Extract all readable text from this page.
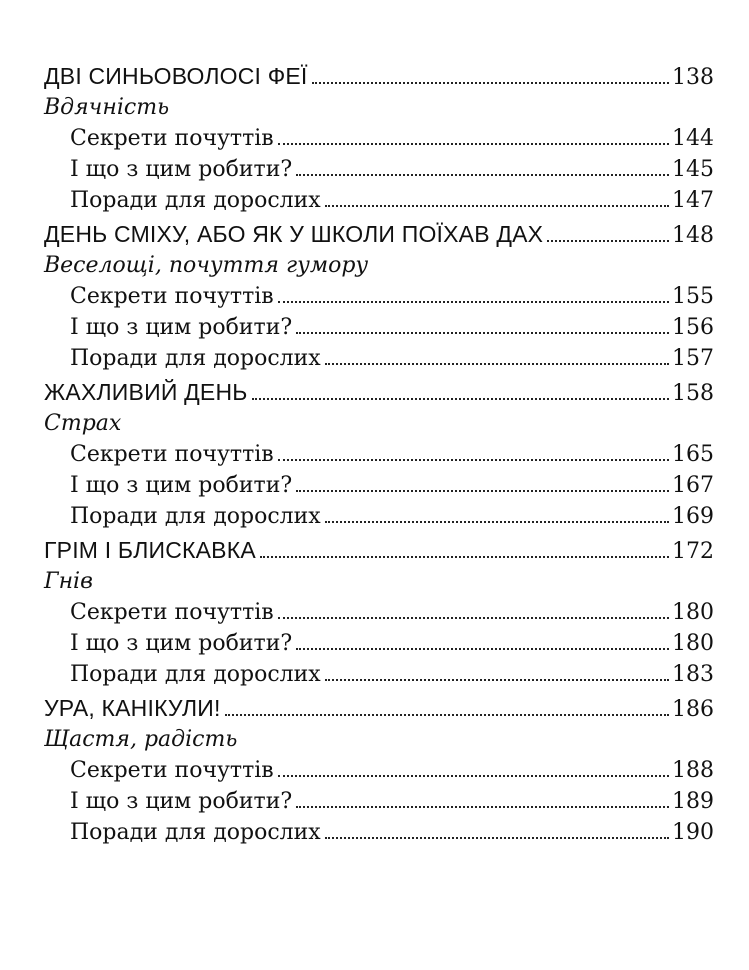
ДВІ СИНЬОВОЛОСІ ФЕЇ	138
Вдячність
Секрети почуттів	144
І що з цим робити?	145
Поради для дорослих	147
ДЕНЬ СМІХУ, АБО ЯК У ШКОЛИ ПОЇХАВ ДАХ	148
Веселощі, почуття гумору
Секрети почуттів	155
І що з цим робити?	156
Поради для дорослих	157
ЖАХЛИВИЙ ДЕНЬ	158
Страх
Секрети почуттів	165
І що з цим робити?	167
Поради для дорослих	169
ГРІМ І БЛИСКАВКА	172
Гнів
Секрети почуттів	180
І що з цим робити?	180
Поради для дорослих	183
УРА, КАНІКУЛИ!	186
Щастя, радість
Секрети почуттів	188
І що з цим робити?	189
Поради для дорослих	190
